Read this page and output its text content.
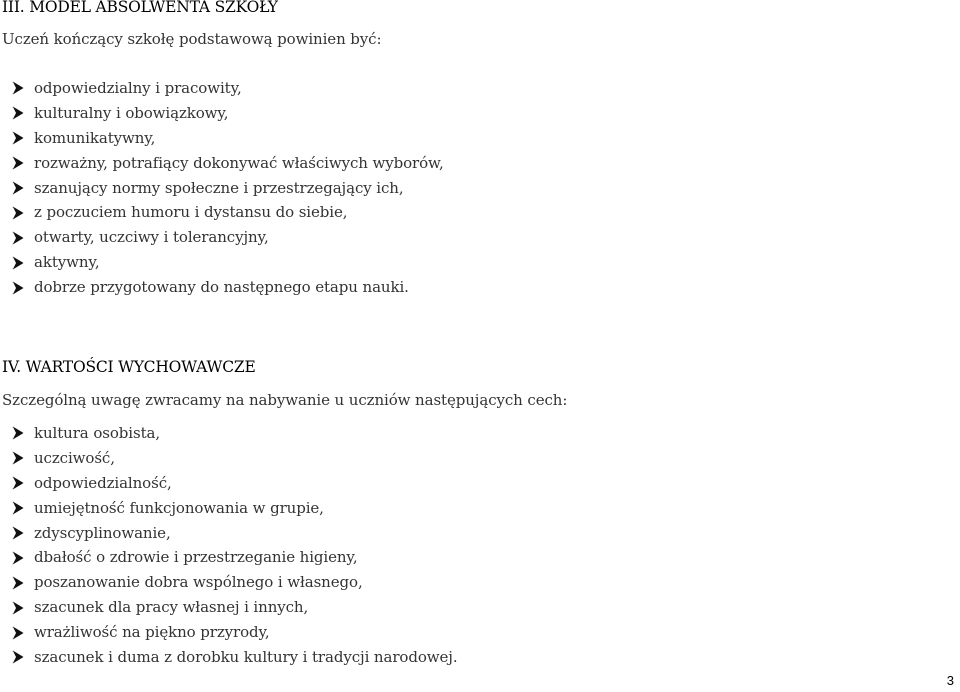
III. MODEL ABSOLWENTA SZKOŁY
Uczeń kończący szkołę podstawową powinien być:
odpowiedzialny i pracowity,
kulturalny i obowiązkowy,
komunikatywny,
rozważny, potrafiący dokonywać właściwych wyborów,
szanujący normy społeczne i przestrzegający ich,
z poczuciem humoru i dystansu do siebie,
otwarty, uczciwy i tolerancyjny,
aktywny,
dobrze przygotowany do następnego etapu nauki.
IV. WARTOŚCI WYCHOWAWCZE
Szczególną uwagę zwracamy na nabywanie u uczniów następujących cech:
kultura osobista,
uczciwość,
odpowiedzialność,
umiejętność funkcjonowania w grupie,
zdyscyplinowanie,
dbałość o zdrowie i przestrzeganie higieny,
poszanowanie dobra wspólnego i własnego,
szacunek dla pracy własnej i innych,
wrażliwość na piękno przyrody,
szacunek i duma z dorobku kultury i tradycji narodowej.
3
